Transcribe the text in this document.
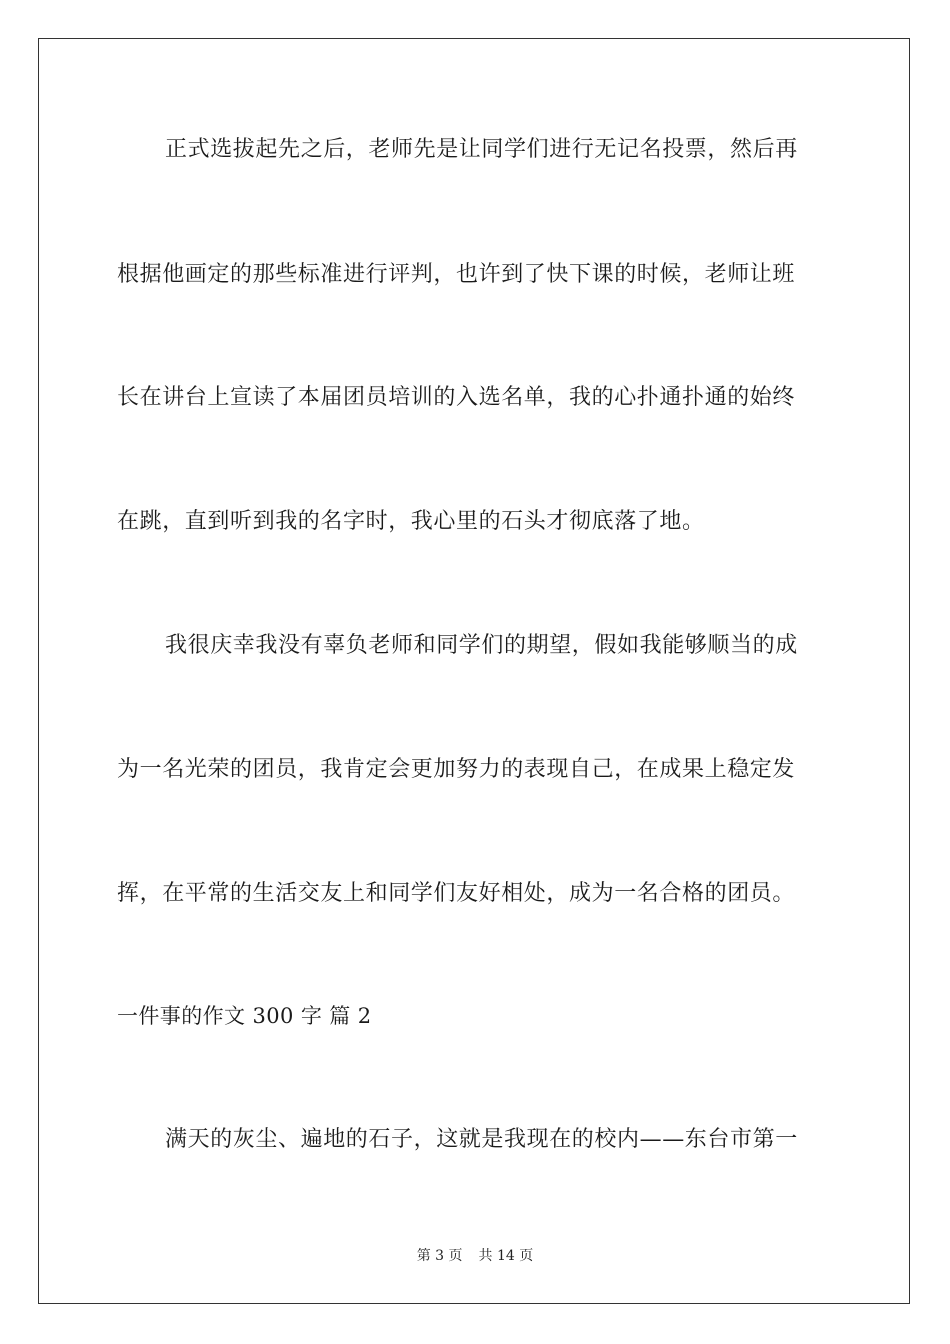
正式选拔起先之后，老师先是让同学们进行无记名投票，然后再
根据他画定的那些标准进行评判，也许到了快下课的时候，老师让班
长在讲台上宣读了本届团员培训的入选名单，我的心扑通扑通的始终
在跳，直到听到我的名字时，我心里的石头才彻底落了地。
我很庆幸我没有辜负老师和同学们的期望，假如我能够顺当的成
为一名光荣的团员，我肯定会更加努力的表现自己，在成果上稳定发
挥，在平常的生活交友上和同学们友好相处，成为一名合格的团员。
一件事的作文 300 字 篇 2
满天的灰尘、遍地的石子，这就是我现在的校内——东台市第一
第 3 页 共 14 页
